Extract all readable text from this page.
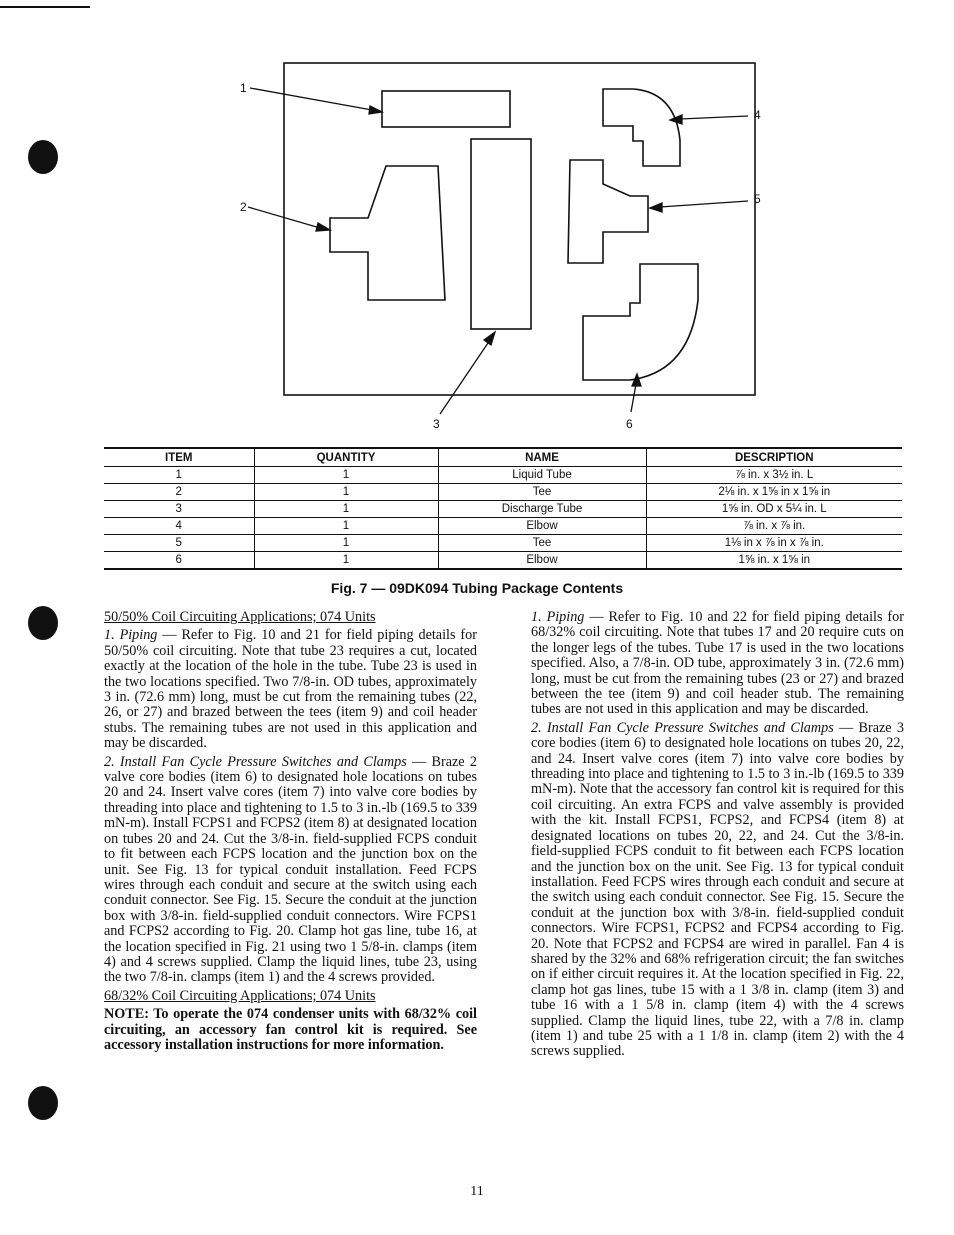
1
2
3
4
5
6
ITEM	QUANTITY	NAME	DESCRIPTION
1	1	Liquid Tube	⅞ in. x 3½ in. L
2	1	Tee	2⅛ in. x 1⅝ in x 1⅝ in
3	1	Discharge Tube	1⅝ in. OD x 5¼ in. L
4	1	Elbow	⅞ in. x ⅞ in.
5	1	Tee	1⅛ in x ⅞ in x ⅞ in.
6	1	Elbow	1⅝ in. x 1⅝ in
Fig. 7 — 09DK094 Tubing Package Contents

50/50% Coil Circuiting Applications; 074 Units

1. Piping — Refer to Fig. 10 and 21 for field piping details for 50/50% coil circuiting. Note that tube 23 requires a cut, located exactly at the location of the hole in the tube. Tube 23 is used in the two locations specified. Two 7/8-in. OD tubes, approximately 3 in. (72.6 mm) long, must be cut from the remaining tubes (22, 26, or 27) and brazed between the tees (item 9) and coil header stubs. The remaining tubes are not used in this application and may be discarded.

2. Install Fan Cycle Pressure Switches and Clamps — Braze 2 valve core bodies (item 6) to designated hole locations on tubes 20 and 24. Insert valve cores (item 7) into valve core bodies by threading into place and tightening to 1.5 to 3 in.-lb (169.5 to 339 mN-m). Install FCPS1 and FCPS2 (item 8) at designated location on tubes 20 and 24. Cut the 3/8-in. field-supplied FCPS conduit to fit between each FCPS location and the junction box on the unit. See Fig. 13 for typical conduit installation. Feed FCPS wires through each conduit and secure at the switch using each conduit connector. See Fig. 15. Secure the conduit at the junction box with 3/8-in. field-supplied conduit connectors. Wire FCPS1 and FCPS2 according to Fig. 20. Clamp hot gas line, tube 16, at the location specified in Fig. 21 using two 1 5/8-in. clamps (item 4) and 4 screws supplied. Clamp the liquid lines, tube 23, using the two 7/8-in. clamps (item 1) and the 4 screws provided.

68/32% Coil Circuiting Applications; 074 Units

NOTE: To operate the 074 condenser units with 68/32% coil circuiting, an accessory fan control kit is required. See accessory installation instructions for more information.

1. Piping — Refer to Fig. 10 and 22 for field piping details for 68/32% coil circuiting. Note that tubes 17 and 20 require cuts on the longer legs of the tubes. Tube 17 is used in the two locations specified. Also, a 7/8-in. OD tube, approximately 3 in. (72.6 mm) long, must be cut from the remaining tubes (23 or 27) and brazed between the tee (item 9) and coil header stub. The remaining tubes are not used in this application and may be discarded.

2. Install Fan Cycle Pressure Switches and Clamps — Braze 3 core bodies (item 6) to designated hole locations on tubes 20, 22, and 24. Insert valve cores (item 7) into valve core bodies by threading into place and tightening to 1.5 to 3 in.-lb (169.5 to 339 mN-m). Note that the accessory fan control kit is required for this coil circuiting. An extra FCPS and valve assembly is provided with the kit. Install FCPS1, FCPS2, and FCPS4 (item 8) at designated locations on tubes 20, 22, and 24. Cut the 3/8-in. field-supplied FCPS conduit to fit between each FCPS location and the junction box on the unit. See Fig. 13 for typical conduit installation. Feed FCPS wires through each conduit and secure at the switch using each conduit connector. See Fig. 15. Secure the conduit at the junction box with 3/8-in. field-supplied conduit connectors. Wire FCPS1, FCPS2 and FCPS4 according to Fig. 20. Note that FCPS2 and FCPS4 are wired in parallel. Fan 4 is shared by the 32% and 68% refrigeration circuit; the fan switches on if either circuit requires it. At the location specified in Fig. 22, clamp hot gas lines, tube 15 with a 1 3/8 in. clamp (item 3) and tube 16 with a 1 5/8 in. clamp (item 4) with the 4 screws supplied. Clamp the liquid lines, tube 22, with a 7/8 in. clamp (item 1) and tube 25 with a 1 1/8 in. clamp (item 2) with the 4 screws supplied.

11
